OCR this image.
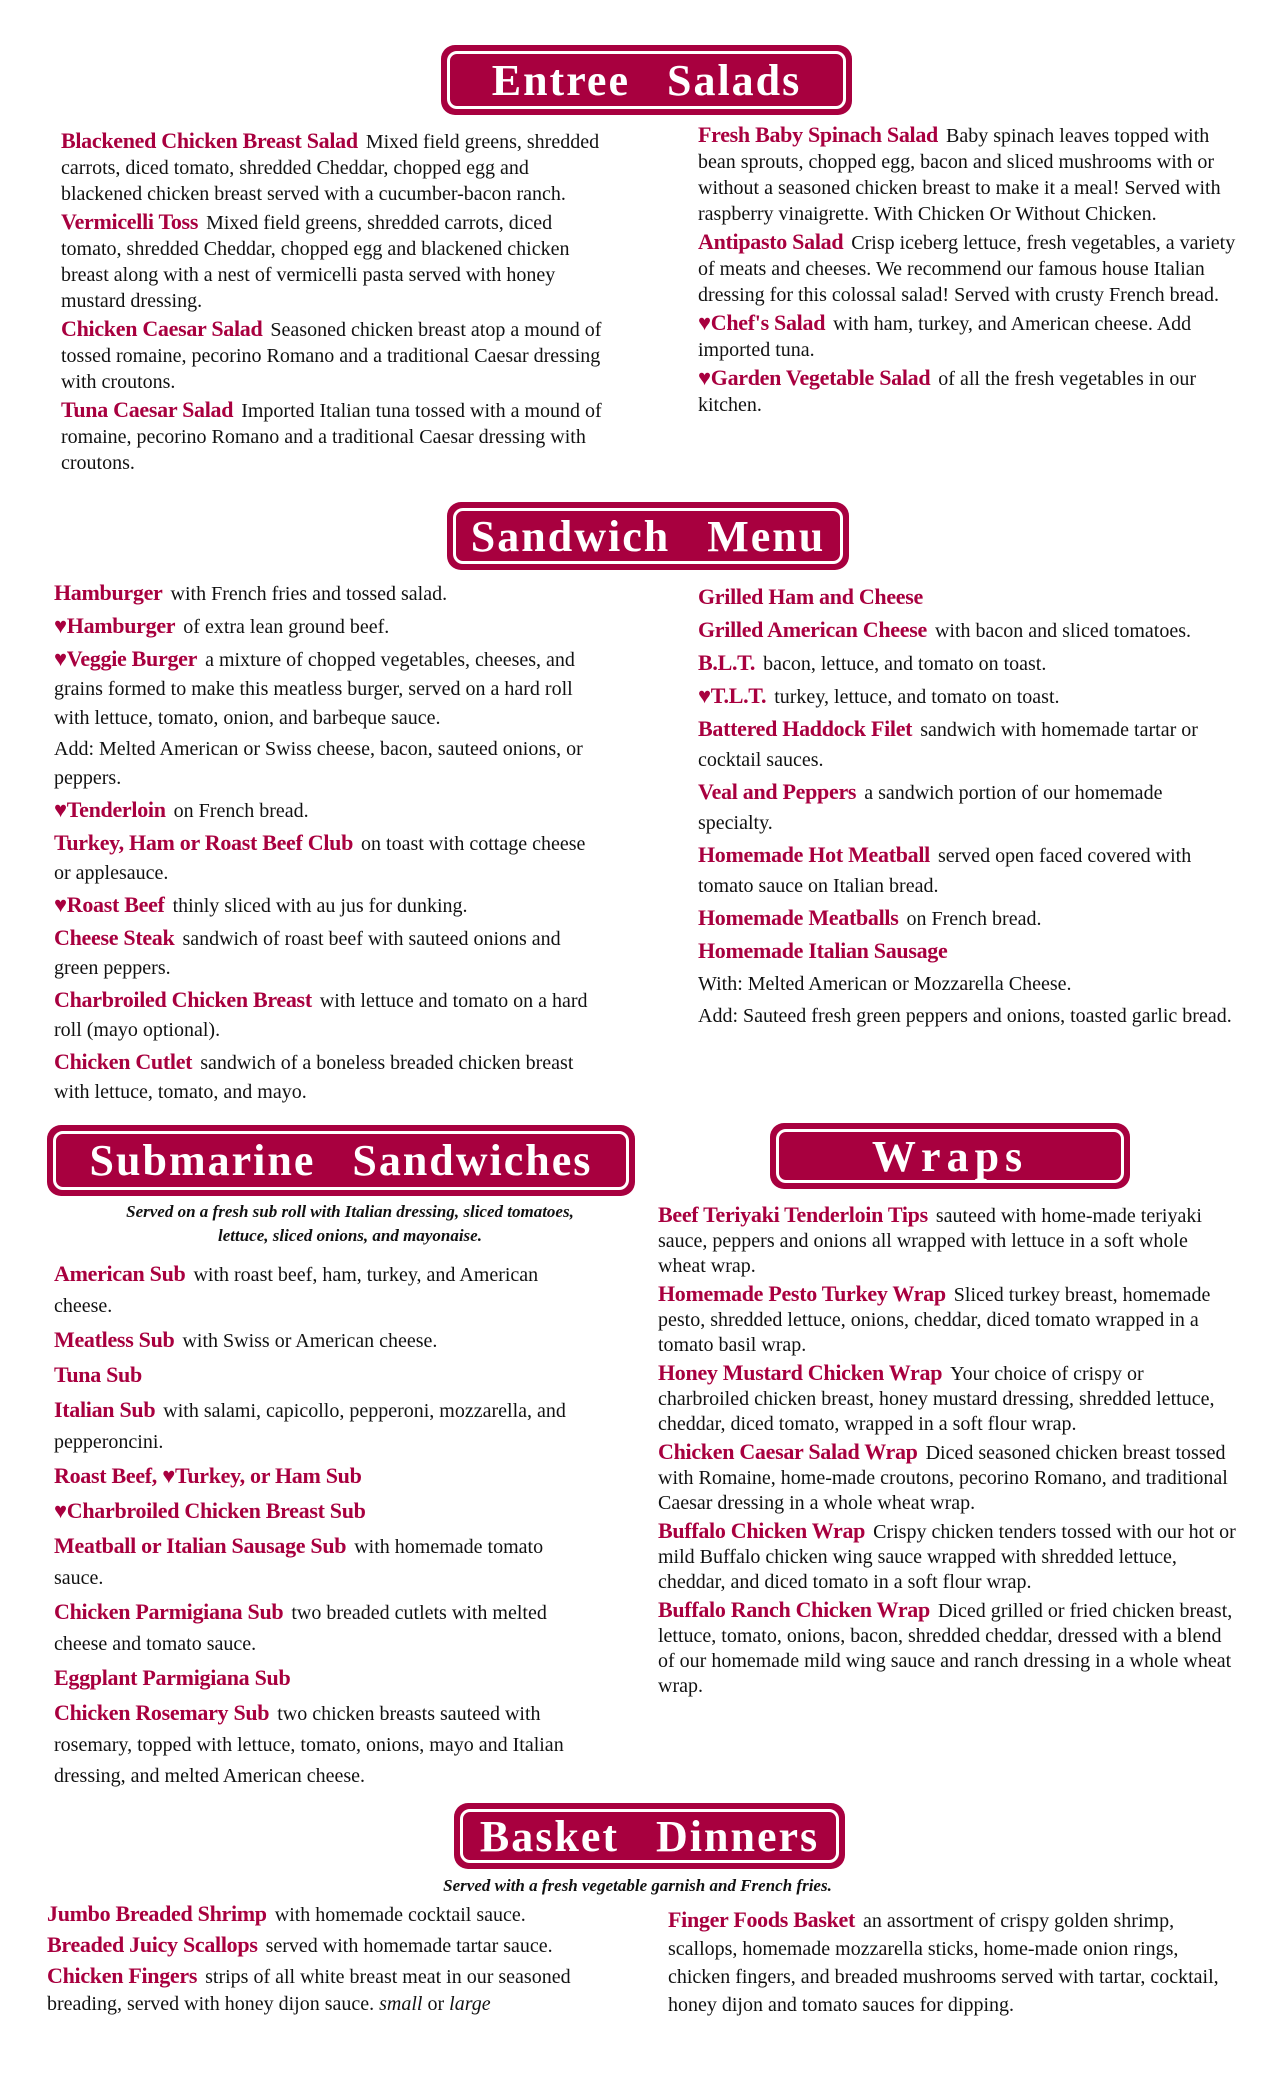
Entree Salads
Blackened Chicken Breast Salad Mixed field greens, shredded carrots, diced tomato, shredded Cheddar, chopped egg and blackened chicken breast served with a cucumber-bacon ranch.
Vermicelli Toss Mixed field greens, shredded carrots, diced tomato, shredded Cheddar, chopped egg and blackened chicken breast along with a nest of vermicelli pasta served with honey mustard dressing.
Chicken Caesar Salad Seasoned chicken breast atop a mound of tossed romaine, pecorino Romano and a traditional Caesar dressing with croutons.
Tuna Caesar Salad Imported Italian tuna tossed with a mound of romaine, pecorino Romano and a traditional Caesar dressing with croutons.
Fresh Baby Spinach Salad Baby spinach leaves topped with bean sprouts, chopped egg, bacon and sliced mushrooms with or without a seasoned chicken breast to make it a meal! Served with raspberry vinaigrette. With Chicken Or Without Chicken.
Antipasto Salad Crisp iceberg lettuce, fresh vegetables, a variety of meats and cheeses. We recommend our famous house Italian dressing for this colossal salad! Served with crusty French bread.
♥Chef's Salad with ham, turkey, and American cheese. Add imported tuna.
♥Garden Vegetable Salad of all the fresh vegetables in our kitchen.
Sandwich Menu
Hamburger with French fries and tossed salad.
♥Hamburger of extra lean ground beef.
♥Veggie Burger a mixture of chopped vegetables, cheeses, and grains formed to make this meatless burger, served on a hard roll with lettuce, tomato, onion, and barbeque sauce.
Add: Melted American or Swiss cheese, bacon, sauteed onions, or peppers.
♥Tenderloin on French bread.
Turkey, Ham or Roast Beef Club on toast with cottage cheese or applesauce.
♥Roast Beef thinly sliced with au jus for dunking.
Cheese Steak sandwich of roast beef with sauteed onions and green peppers.
Charbroiled Chicken Breast with lettuce and tomato on a hard roll (mayo optional).
Chicken Cutlet sandwich of a boneless breaded chicken breast with lettuce, tomato, and mayo.
Grilled Ham and Cheese
Grilled American Cheese with bacon and sliced tomatoes.
B.L.T. bacon, lettuce, and tomato on toast.
♥T.L.T. turkey, lettuce, and tomato on toast.
Battered Haddock Filet sandwich with homemade tartar or cocktail sauces.
Veal and Peppers a sandwich portion of our homemade specialty.
Homemade Hot Meatball served open faced covered with tomato sauce on Italian bread.
Homemade Meatballs on French bread.
Homemade Italian Sausage
With: Melted American or Mozzarella Cheese.
Add: Sauteed fresh green peppers and onions, toasted garlic bread.
Submarine Sandwiches
Served on a fresh sub roll with Italian dressing, sliced tomatoes, lettuce, sliced onions, and mayonaise.
American Sub with roast beef, ham, turkey, and American cheese.
Meatless Sub with Swiss or American cheese.
Tuna Sub
Italian Sub with salami, capicollo, pepperoni, mozzarella, and pepperoncini.
Roast Beef, ♥Turkey, or Ham Sub
♥Charbroiled Chicken Breast Sub
Meatball or Italian Sausage Sub with homemade tomato sauce.
Chicken Parmigiana Sub two breaded cutlets with melted cheese and tomato sauce.
Eggplant Parmigiana Sub
Chicken Rosemary Sub two chicken breasts sauteed with rosemary, topped with lettuce, tomato, onions, mayo and Italian dressing, and melted American cheese.
Wraps
Beef Teriyaki Tenderloin Tips sauteed with home-made teriyaki sauce, peppers and onions all wrapped with lettuce in a soft whole wheat wrap.
Homemade Pesto Turkey Wrap Sliced turkey breast, homemade pesto, shredded lettuce, onions, cheddar, diced tomato wrapped in a tomato basil wrap.
Honey Mustard Chicken Wrap Your choice of crispy or charbroiled chicken breast, honey mustard dressing, shredded lettuce, cheddar, diced tomato, wrapped in a soft flour wrap.
Chicken Caesar Salad Wrap Diced seasoned chicken breast tossed with Romaine, home-made croutons, pecorino Romano, and traditional Caesar dressing in a whole wheat wrap.
Buffalo Chicken Wrap Crispy chicken tenders tossed with our hot or mild Buffalo chicken wing sauce wrapped with shredded lettuce, cheddar, and diced tomato in a soft flour wrap.
Buffalo Ranch Chicken Wrap Diced grilled or fried chicken breast, lettuce, tomato, onions, bacon, shredded cheddar, dressed with a blend of our homemade mild wing sauce and ranch dressing in a whole wheat wrap.
Basket Dinners
Served with a fresh vegetable garnish and French fries.
Jumbo Breaded Shrimp with homemade cocktail sauce.
Breaded Juicy Scallops served with homemade tartar sauce.
Chicken Fingers strips of all white breast meat in our seasoned breading, served with honey dijon sauce. small or large
Finger Foods Basket an assortment of crispy golden shrimp, scallops, homemade mozzarella sticks, home-made onion rings, chicken fingers, and breaded mushrooms served with tartar, cocktail, honey dijon and tomato sauces for dipping.
